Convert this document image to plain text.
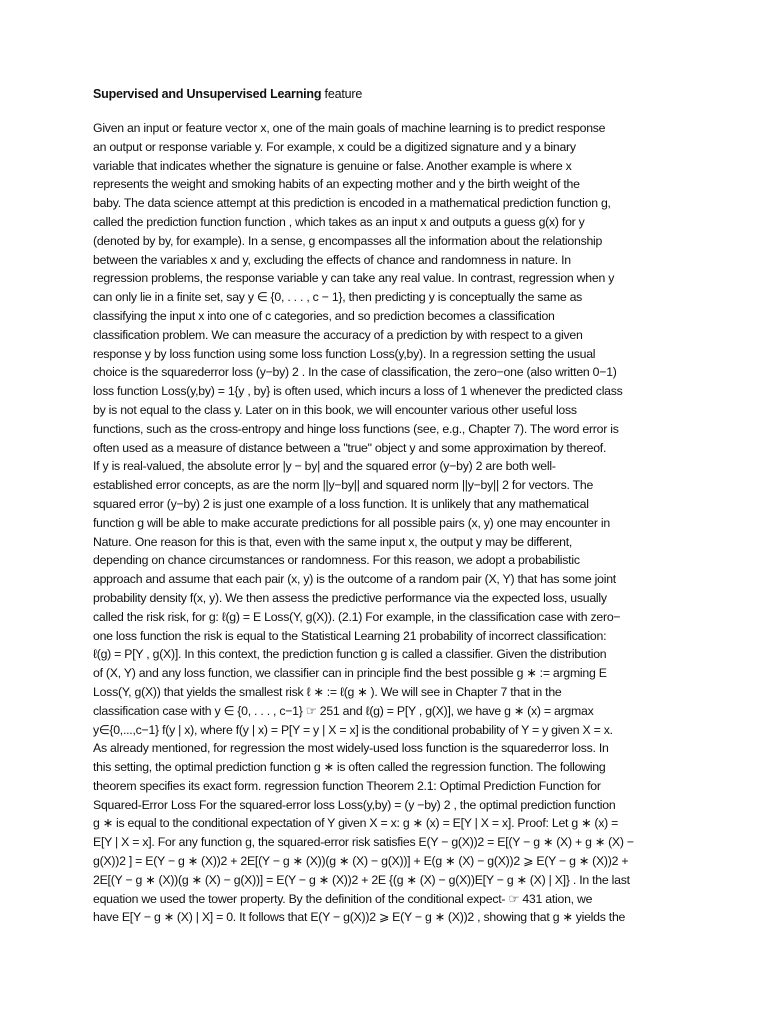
Supervised and Unsupervised Learning feature
Given an input or feature vector x, one of the main goals of machine learning is to predict response
an output or response variable y. For example, x could be a digitized signature and y a binary
variable that indicates whether the signature is genuine or false. Another example is where x
represents the weight and smoking habits of an expecting mother and y the birth weight of the
baby. The data science attempt at this prediction is encoded in a mathematical prediction function g,
called the prediction function function , which takes as an input x and outputs a guess g(x) for y
(denoted by by, for example). In a sense, g encompasses all the information about the relationship
between the variables x and y, excluding the effects of chance and randomness in nature. In
regression problems, the response variable y can take any real value. In contrast, regression when y
can only lie in a finite set, say y ∈ {0, . . . , c − 1}, then predicting y is conceptually the same as
classifying the input x into one of c categories, and so prediction becomes a classification
classification problem. We can measure the accuracy of a prediction by with respect to a given
response y by loss function using some loss function Loss(y,by). In a regression setting the usual
choice is the squarederror loss (y−by) 2 . In the case of classification, the zero−one (also written 0−1)
loss function Loss(y,by) = 1{y , by} is often used, which incurs a loss of 1 whenever the predicted class
by is not equal to the class y. Later on in this book, we will encounter various other useful loss
functions, such as the cross-entropy and hinge loss functions (see, e.g., Chapter 7). The word error is
often used as a measure of distance between a "true" object y and some approximation by thereof.
If y is real-valued, the absolute error |y − by| and the squared error (y−by) 2 are both well-
established error concepts, as are the norm ||y−by|| and squared norm ||y−by|| 2 for vectors. The
squared error (y−by) 2 is just one example of a loss function. It is unlikely that any mathematical
function g will be able to make accurate predictions for all possible pairs (x, y) one may encounter in
Nature. One reason for this is that, even with the same input x, the output y may be different,
depending on chance circumstances or randomness. For this reason, we adopt a probabilistic
approach and assume that each pair (x, y) is the outcome of a random pair (X, Y) that has some joint
probability density f(x, y). We then assess the predictive performance via the expected loss, usually
called the risk risk, for g: ℓ(g) = E Loss(Y, g(X)). (2.1) For example, in the classification case with zero−
one loss function the risk is equal to the Statistical Learning 21 probability of incorrect classification:
ℓ(g) = P[Y , g(X)]. In this context, the prediction function g is called a classifier. Given the distribution
of (X, Y) and any loss function, we classifier can in principle find the best possible g ∗ := argming E
Loss(Y, g(X)) that yields the smallest risk ℓ ∗ := ℓ(g ∗ ). We will see in Chapter 7 that in the
classification case with y ∈ {0, . . . , c−1} ☞ 251 and ℓ(g) = P[Y , g(X)], we have g ∗ (x) = argmax
y∈{0,...,c−1} f(y | x), where f(y | x) = P[Y = y | X = x] is the conditional probability of Y = y given X = x.
As already mentioned, for regression the most widely-used loss function is the squarederror loss. In
this setting, the optimal prediction function g ∗ is often called the regression function. The following
theorem specifies its exact form. regression function Theorem 2.1: Optimal Prediction Function for
Squared-Error Loss For the squared-error loss Loss(y,by) = (y −by) 2 , the optimal prediction function
g ∗ is equal to the conditional expectation of Y given X = x: g ∗ (x) = E[Y | X = x]. Proof: Let g ∗ (x) =
E[Y | X = x]. For any function g, the squared-error risk satisfies E(Y − g(X))2 = E[(Y − g ∗ (X) + g ∗ (X) −
g(X))2 ] = E(Y − g ∗ (X))2 + 2E[(Y − g ∗ (X))(g ∗ (X) − g(X))] + E(g ∗ (X) − g(X))2 ⩾ E(Y − g ∗ (X))2 +
2E[(Y − g ∗ (X))(g ∗ (X) − g(X))] = E(Y − g ∗ (X))2 + 2E {(g ∗ (X) − g(X))E[Y − g ∗ (X) | X]} . In the last
equation we used the tower property. By the definition of the conditional expect- ☞ 431 ation, we
have E[Y − g ∗ (X) | X] = 0. It follows that E(Y − g(X))2 ⩾ E(Y − g ∗ (X))2 , showing that g ∗ yields the
